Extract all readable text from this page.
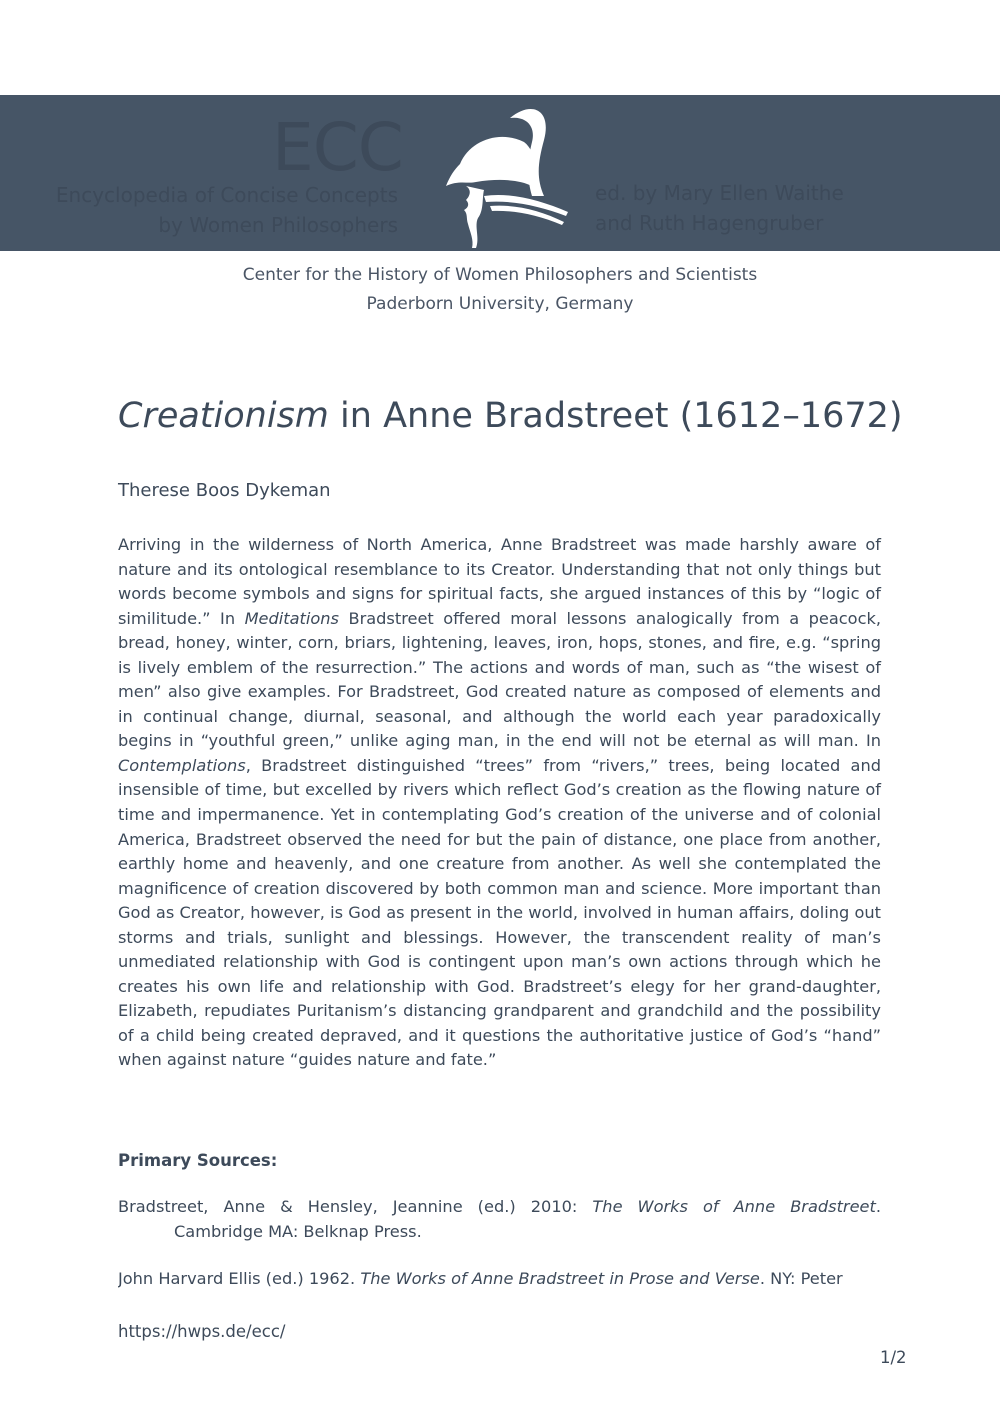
ECC
Encyclopedia of Concise Concepts
by Women Philosophers
ed. by Mary Ellen Waithe
and Ruth Hagengruber
Center for the History of Women Philosophers and Scientists
Paderborn University, Germany
Creationism in Anne Bradstreet (1612–1672)
Therese Boos Dykeman
Arriving in the wilderness of North America, Anne Bradstreet was made harshly aware of nature and its ontological resemblance to its Creator. Understanding that not only things but words become symbols and signs for spiritual facts, she argued instances of this by “logic of similitude.” In Meditations Bradstreet offered moral lessons analogically from a peacock, bread, honey, winter, corn, briars, lightening, leaves, iron, hops, stones, and fire, e.g. “spring is lively emblem of the resurrection.” The actions and words of man, such as “the wisest of men” also give examples. For Bradstreet, God created nature as composed of elements and in continual change, diurnal, seasonal, and although the world each year paradoxically begins in “youthful green,” unlike aging man, in the end will not be eternal as will man. In Contemplations, Bradstreet distinguished “trees” from “rivers,” trees, being located and insensible of time, but excelled by rivers which reflect God’s creation as the flowing nature of time and impermanence. Yet in contemplating God’s creation of the universe and of colonial America, Bradstreet observed the need for but the pain of distance, one place from another, earthly home and heavenly, and one creature from another. As well she contemplated the magnificence of creation discovered by both common man and science. More important than God as Creator, however, is God as present in the world, involved in human affairs, doling out storms and trials, sunlight and blessings. However, the transcendent reality of man’s unmediated relationship with God is contingent upon man’s own actions through which he creates his own life and relationship with God. Bradstreet’s elegy for her grand-daughter, Elizabeth, repudiates Puritanism’s distancing grandparent and grandchild and the possibility of a child being created depraved, and it questions the authoritative justice of God’s “hand” when against nature “guides nature and fate.”
Primary Sources:
Bradstreet, Anne & Hensley, Jeannine (ed.) 2010: The Works of Anne Bradstreet.
Cambridge MA: Belknap Press.
John Harvard Ellis (ed.) 1962. The Works of Anne Bradstreet in Prose and Verse. NY: Peter
https://hwps.de/ecc/
1/2
